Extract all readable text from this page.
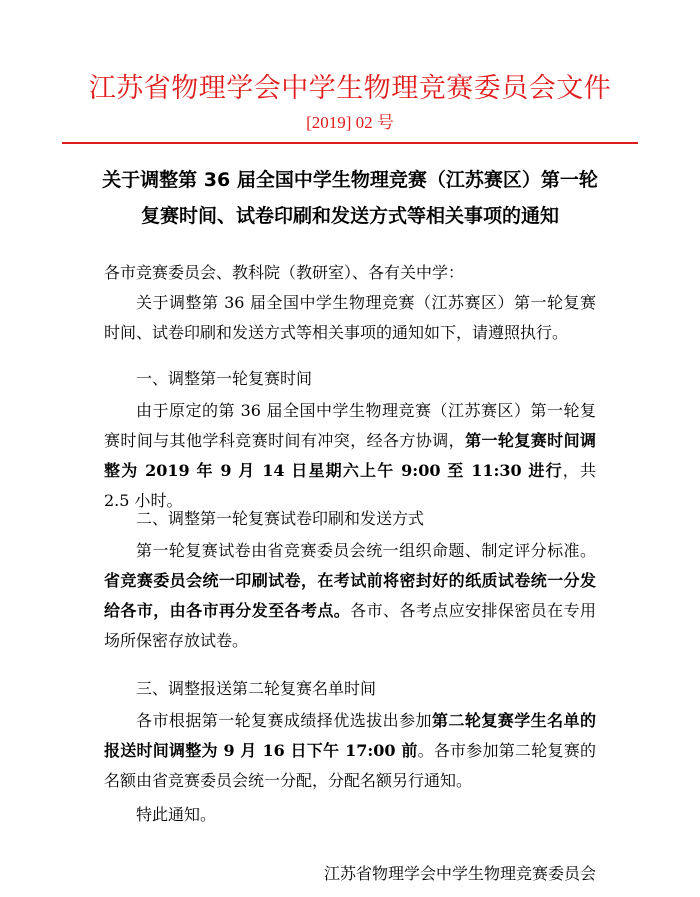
江苏省物理学会中学生物理竞赛委员会文件
[2019] 02 号
关于调整第 36 届全国中学生物理竞赛（江苏赛区）第一轮
复赛时间、试卷印刷和发送方式等相关事项的通知

各市竞赛委员会、教科院（教研室）、各有关中学：

关于调整第 36 届全国中学生物理竞赛（江苏赛区）第一轮复赛时间、试卷印刷和发送方式等相关事项的通知如下，请遵照执行。

一、调整第一轮复赛时间

由于原定的第 36 届全国中学生物理竞赛（江苏赛区）第一轮复赛时间与其他学科竞赛时间有冲突，经各方协调，第一轮复赛时间调整为 2019 年 9 月 14 日星期六上午 9:00 至 11:30 进行，共 2.5 小时。

二、调整第一轮复赛试卷印刷和发送方式

第一轮复赛试卷由省竞赛委员会统一组织命题、制定评分标准。省竞赛委员会统一印刷试卷，在考试前将密封好的纸质试卷统一分发给各市，由各市再分发至各考点。各市、各考点应安排保密员在专用场所保密存放试卷。

三、调整报送第二轮复赛名单时间

各市根据第一轮复赛成绩择优选拔出参加第二轮复赛学生名单的报送时间调整为 9 月 16 日下午 17:00 前。各市参加第二轮复赛的名额由省竞赛委员会统一分配，分配名额另行通知。

特此通知。

江苏省物理学会中学生物理竞赛委员会
